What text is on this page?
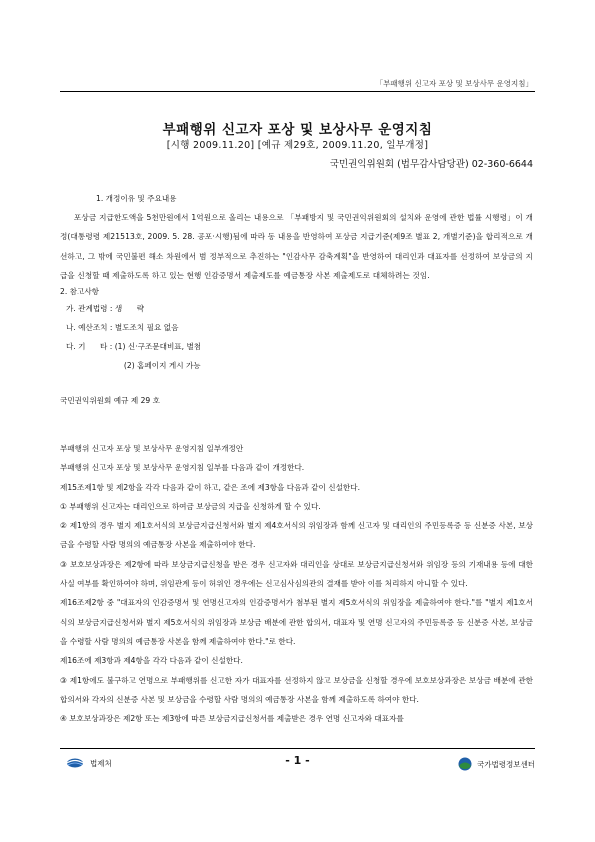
「부패행위 신고자 포상 및 보상사무 운영지침」
부패행위 신고자 포상 및 보상사무 운영지침
[시행 2009.11.20] [예규 제29호, 2009.11.20, 일부개정]
국민권익위원회 (법무감사담당관) 02-360-6644
1. 개정이유 및 주요내용
포상금 지급한도액을 5천만원에서 1억원으로 올리는 내용으로 「부패방지 및 국민권익위원회의 설치와 운영에 관한 법률 시행령」이 개정(대통령령 제21513호, 2009. 5. 28. 공포·시행)됨에 따라 동 내용을 반영하여 포상금 지급기준(제9조 별표 2, 개별기준)을 합리적으로 개선하고, 그 밖에 국민불편 해소 차원에서 범 정부적으로 추진하는 "인감사무 감축계획"을 반영하여 대리인과 대표자를 선정하여 보상금의 지급을 신청할 때 제출하도록 하고 있는 현행 인감증명서 제출제도를 예금통장 사본 제출제도로 대체하려는 것임.
2. 참고사항
가. 관계법령 : 생      략
나. 예산조치 : 별도조치 필요 없음
다. 기      타 : (1) 신·구조문대비표, 별첨
(2) 홈페이지 게시 가능
국민권익위원회 예규 제 29 호

부패행위 신고자 포상 및 보상사무 운영지침 일부개정안

부패행위 신고자 포상 및 보상사무 운영지침 일부를 다음과 같이 개정한다.

제15조제1항 및 제2항을 각각 다음과 같이 하고, 같은 조에 제3항을 다음과 같이 신설한다.

① 부패행위 신고자는 대리인으로 하여금 보상금의 지급을 신청하게 할 수 있다.

② 제1항의 경우 별지 제1호서식의 보상금지급신청서와 별지 제4호서식의 위임장과 함께 신고자 및 대리인의 주민등록증 등 신분증 사본, 보상금을 수령할 사람 명의의 예금통장 사본을 제출하여야 한다.

③ 보호보상과장은 제2항에 따라 보상금지급신청을 받은 경우 신고자와 대리인을 상대로 보상금지급신청서와 위임장 등의 기재내용 등에 대한 사실 여부를 확인하여야 하며, 위임관계 등이 허위인 경우에는 신고심사심의관의 결재를 받아 이를 처리하지 아니할 수 있다.

제16조제2항 중 "대표자의 인감증명서 및 연명신고자의 인감증명서가 첨부된 별지 제5호서식의 위임장을 제출하여야 한다."를 "별지 제1호서식의 보상금지급신청서와 별지 제5호서식의 위임장과 보상금 배분에 관한 합의서, 대표자 및 연명 신고자의 주민등록증 등 신분증 사본, 보상금을 수령할 사람 명의의 예금통장 사본을 함께 제출하여야 한다."로 한다.

제16조에 제3항과 제4항을 각각 다음과 같이 신설한다.

③ 제1항에도 불구하고 연명으로 부패행위를 신고한 자가 대표자를 선정하지 않고 보상금을 신청할 경우에 보호보상과장은 보상금 배분에 관한 합의서와 각자의 신분증 사본 및 보상금을 수령할 사람 명의의 예금통장 사본을 함께 제출하도록 하여야 한다.

④ 보호보상과장은 제2항 또는 제3항에 따른 보상금지급신청서를 제출받은 경우 연명 신고자와 대표자를

법제처	- 1 -	국가법령정보센터
